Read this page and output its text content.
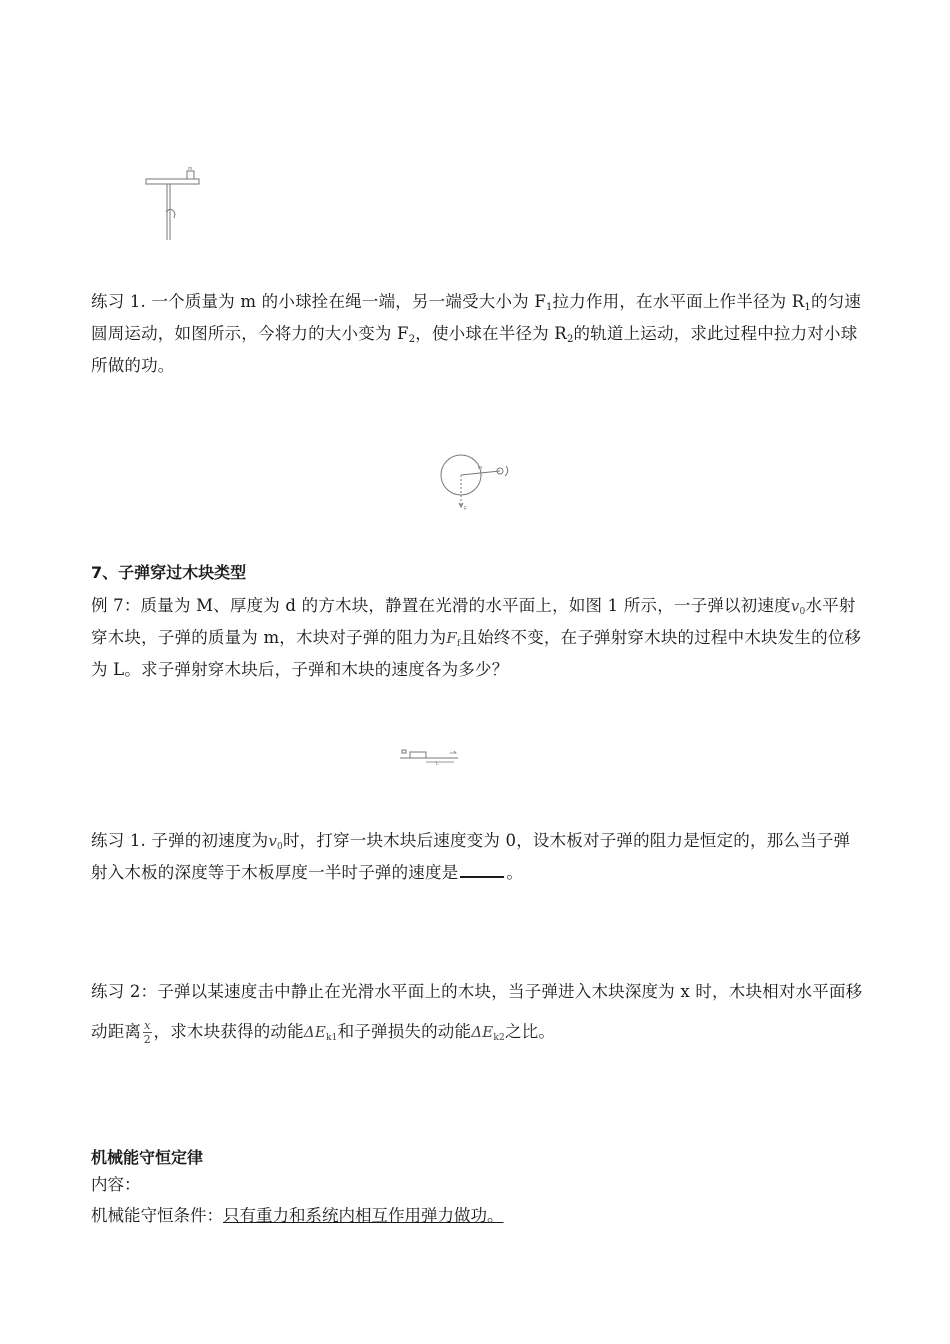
m

练习 1. 一个质量为 m 的小球拴在绳一端，另一端受大小为 $F_1$拉力作用，在水平面上作半径为 $R_1$的匀速圆周运动，如图所示，今将力的大小变为 $F_2$，使小球在半径为 $R_2$的轨道上运动，求此过程中拉力对小球所做的功。

m
F
7、子弹穿过木块类型

例 7：质量为 M、厚度为 d 的方木块，静置在光滑的水平面上，如图 1 所示，一子弹以初速度$v_0$水平射穿木块，子弹的质量为 m，木块对子弹的阻力为$F_f$且始终不变，在子弹射穿木块的过程中木块发生的位移为 L。求子弹射穿木块后，子弹和木块的速度各为多少？

L

练习 1. 子弹的初速度为$v_0$时，打穿一块木块后速度变为 0，设木板对子弹的阻力是恒定的，那么当子弹射入木板的深度等于木板厚度一半时子弹的速度是	。

练习 2：子弹以某速度击中静止在光滑水平面上的木块，当子弹进入木块深度为 x 时，木块相对水平面移动距离 $\frac{x}{2}$ ，求木块获得的动能$\Delta E_{k1}$和子弹损失的动能$\Delta E_{k2}$之比。

机械能守恒定律

内容：

机械能守恒条件：只有重力和系统内相互作用弹力做功。
